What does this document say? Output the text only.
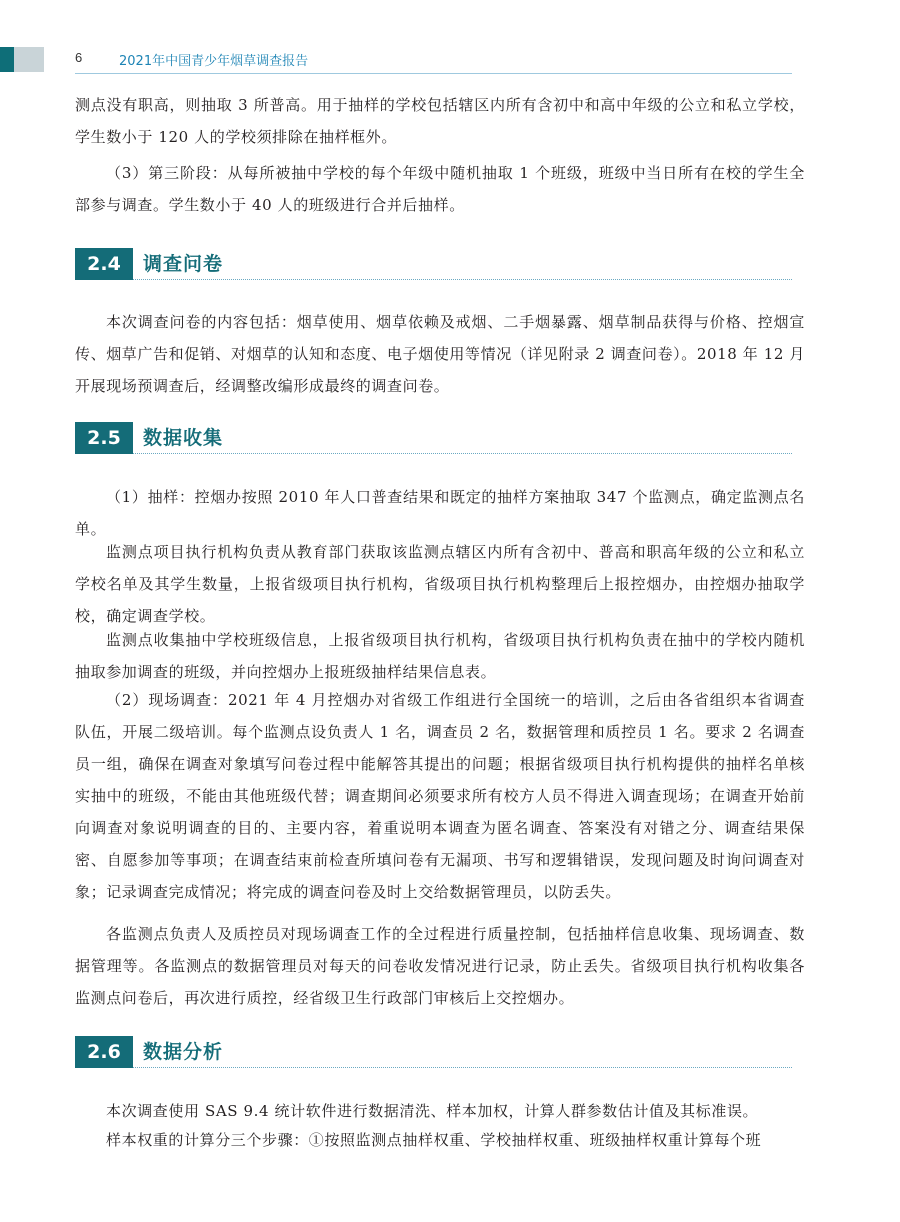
6	2021年中国青少年烟草调查报告

测点没有职高，则抽取 3 所普高。用于抽样的学校包括辖区内所有含初中和高中年级的公立和私立学校，学生数小于 120 人的学校须排除在抽样框外。

（3）第三阶段：从每所被抽中学校的每个年级中随机抽取 1 个班级，班级中当日所有在校的学生全部参与调查。学生数小于 40 人的班级进行合并后抽样。

2.4	调查问卷

本次调查问卷的内容包括：烟草使用、烟草依赖及戒烟、二手烟暴露、烟草制品获得与价格、控烟宣传、烟草广告和促销、对烟草的认知和态度、电子烟使用等情况（详见附录 2 调查问卷）。2018 年 12 月开展现场预调查后，经调整改编形成最终的调查问卷。

2.5	数据收集

（1）抽样：控烟办按照 2010 年人口普查结果和既定的抽样方案抽取 347 个监测点，确定监测点名单。

监测点项目执行机构负责从教育部门获取该监测点辖区内所有含初中、普高和职高年级的公立和私立学校名单及其学生数量，上报省级项目执行机构，省级项目执行机构整理后上报控烟办，由控烟办抽取学校，确定调查学校。

监测点收集抽中学校班级信息，上报省级项目执行机构，省级项目执行机构负责在抽中的学校内随机抽取参加调查的班级，并向控烟办上报班级抽样结果信息表。

（2）现场调查：2021 年 4 月控烟办对省级工作组进行全国统一的培训，之后由各省组织本省调查队伍，开展二级培训。每个监测点设负责人 1 名，调查员 2 名，数据管理和质控员 1 名。要求 2 名调查员一组，确保在调查对象填写问卷过程中能解答其提出的问题；根据省级项目执行机构提供的抽样名单核实抽中的班级，不能由其他班级代替；调查期间必须要求所有校方人员不得进入调查现场；在调查开始前向调查对象说明调查的目的、主要内容，着重说明本调查为匿名调查、答案没有对错之分、调查结果保密、自愿参加等事项；在调查结束前检查所填问卷有无漏项、书写和逻辑错误，发现问题及时询问调查对象；记录调查完成情况；将完成的调查问卷及时上交给数据管理员，以防丢失。

各监测点负责人及质控员对现场调查工作的全过程进行质量控制，包括抽样信息收集、现场调查、数据管理等。各监测点的数据管理员对每天的问卷收发情况进行记录，防止丢失。省级项目执行机构收集各监测点问卷后，再次进行质控，经省级卫生行政部门审核后上交控烟办。

2.6	数据分析

本次调查使用 SAS 9.4 统计软件进行数据清洗、样本加权，计算人群参数估计值及其标准误。

样本权重的计算分三个步骤：①按照监测点抽样权重、学校抽样权重、班级抽样权重计算每个班
